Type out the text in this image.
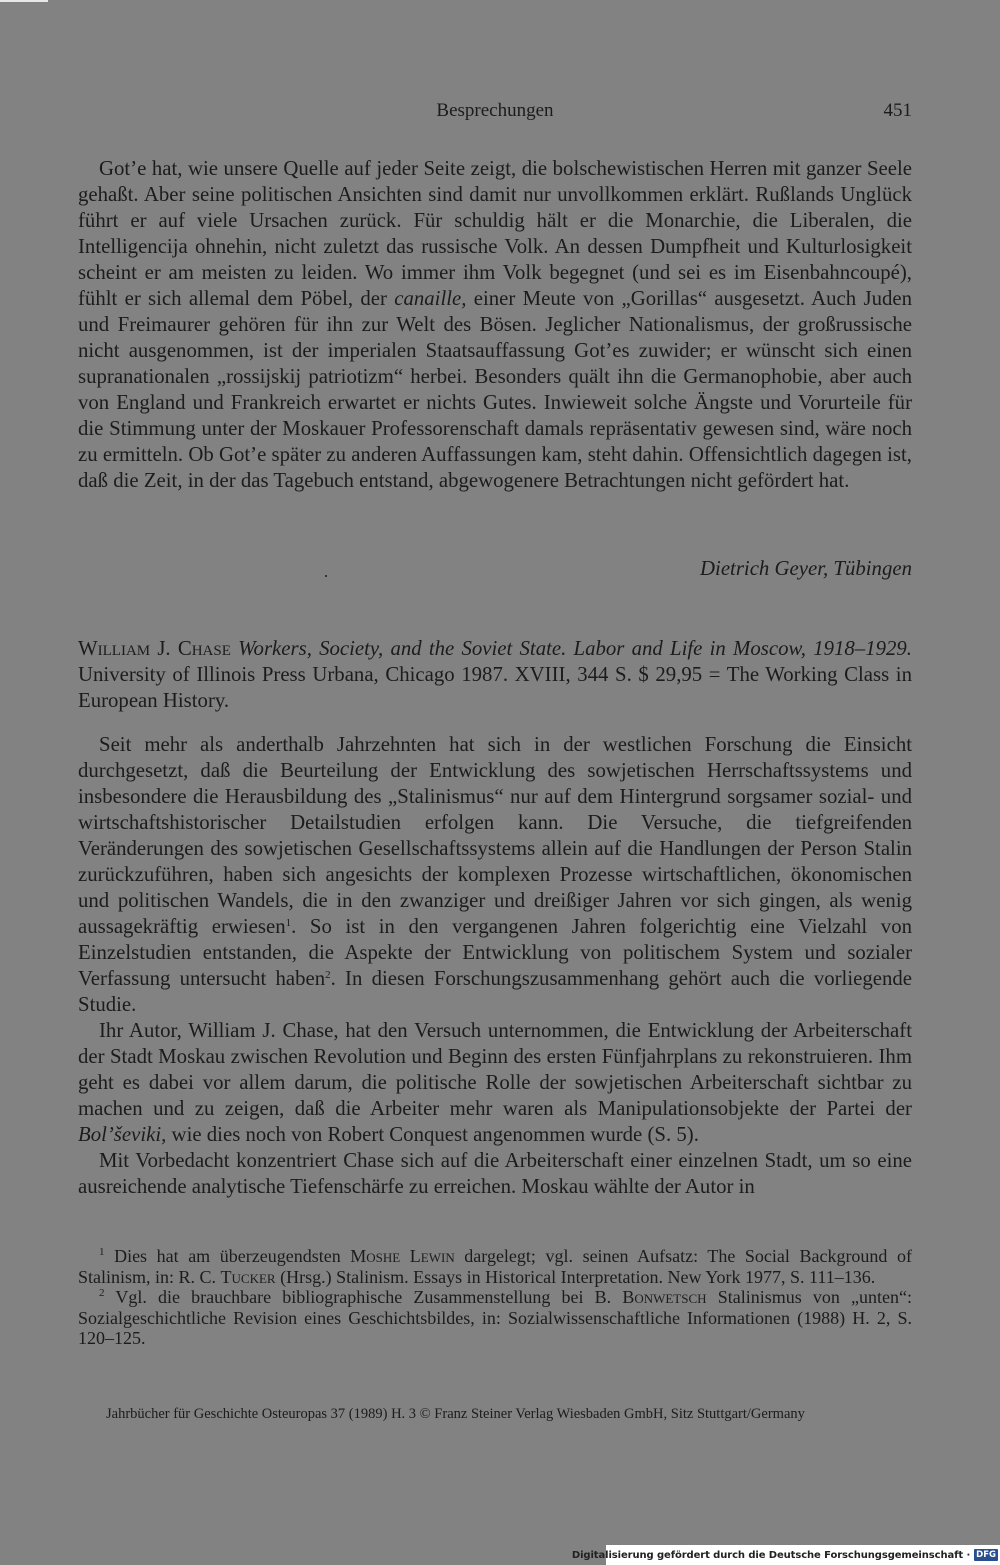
Besprechungen	451

Got’e hat, wie unsere Quelle auf jeder Seite zeigt, die bolschewistischen Herren mit ganzer Seele gehaßt. Aber seine politischen Ansichten sind damit nur unvollkommen erklärt. Rußlands Unglück führt er auf viele Ursachen zurück. Für schuldig hält er die Monarchie, die Liberalen, die Intelligencija ohnehin, nicht zuletzt das russische Volk. An dessen Dumpfheit und Kulturlosigkeit scheint er am meisten zu leiden. Wo immer ihm Volk begegnet (und sei es im Eisenbahncoupé), fühlt er sich allemal dem Pöbel, der canaille, einer Meute von „Gorillas“ ausgesetzt. Auch Juden und Freimaurer gehören für ihn zur Welt des Bösen. Jeglicher Nationalismus, der großrussische nicht ausgenommen, ist der imperialen Staatsauffassung Got’es zuwider; er wünscht sich einen supranationalen „rossijskij patriotizm“ herbei. Besonders quält ihn die Germanophobie, aber auch von England und Frankreich erwartet er nichts Gutes. Inwieweit solche Ängste und Vorurteile für die Stimmung unter der Moskauer Professorenschaft damals repräsentativ gewesen sind, wäre noch zu ermitteln. Ob Got’e später zu anderen Auffassungen kam, steht dahin. Offensichtlich dagegen ist, daß die Zeit, in der das Tagebuch entstand, abgewogenere Betrachtungen nicht gefördert hat.

Dietrich Geyer, Tübingen

William J. Chase Workers, Society, and the Soviet State. Labor and Life in Moscow, 1918–1929. University of Illinois Press Urbana, Chicago 1987. XVIII, 344 S. $ 29,95 = The Working Class in European History.

Seit mehr als anderthalb Jahrzehnten hat sich in der westlichen Forschung die Einsicht durchgesetzt, daß die Beurteilung der Entwicklung des sowjetischen Herrschaftssystems und insbesondere die Herausbildung des „Stalinismus“ nur auf dem Hintergrund sorgsamer sozial- und wirtschaftshistorischer Detailstudien erfolgen kann. Die Versuche, die tiefgreifenden Veränderungen des sowjetischen Gesellschaftssystems allein auf die Handlungen der Person Stalin zurückzuführen, haben sich angesichts der komplexen Prozesse wirtschaftlichen, ökonomischen und politischen Wandels, die in den zwanziger und dreißiger Jahren vor sich gingen, als wenig aussagekräftig erwiesen$^1$. So ist in den vergangenen Jahren folgerichtig eine Vielzahl von Einzelstudien entstanden, die Aspekte der Entwicklung von politischem System und sozialer Verfassung untersucht haben$^2$. In diesen Forschungszusammenhang gehört auch die vorliegende Studie.

Ihr Autor, William J. Chase, hat den Versuch unternommen, die Entwicklung der Arbeiterschaft der Stadt Moskau zwischen Revolution und Beginn des ersten Fünfjahrplans zu rekonstruieren. Ihm geht es dabei vor allem darum, die politische Rolle der sowjetischen Arbeiterschaft sichtbar zu machen und zu zeigen, daß die Arbeiter mehr waren als Manipulationsobjekte der Partei der Bol’ševiki, wie dies noch von Robert Conquest angenommen wurde (S. 5).

Mit Vorbedacht konzentriert Chase sich auf die Arbeiterschaft einer einzelnen Stadt, um so eine ausreichende analytische Tiefenschärfe zu erreichen. Moskau wählte der Autor in

$^1$ Dies hat am überzeugendsten Moshe Lewin dargelegt; vgl. seinen Aufsatz: The Social Background of Stalinism, in: R. C. Tucker (Hrsg.) Stalinism. Essays in Historical Interpretation. New York 1977, S. 111–136.

$^2$ Vgl. die brauchbare bibliographische Zusammenstellung bei B. Bonwetsch Stalinismus von „unten“: Sozialgeschichtliche Revision eines Geschichtsbildes, in: Sozialwissenschaftliche Informationen (1988) H. 2, S. 120–125.

Jahrbücher für Geschichte Osteuropas 37 (1989) H. 3 © Franz Steiner Verlag Wiesbaden GmbH, Sitz Stuttgart/Germany
Digitalisierung gefördert durch die Deutsche Forschungsgemeinschaft · DFG
